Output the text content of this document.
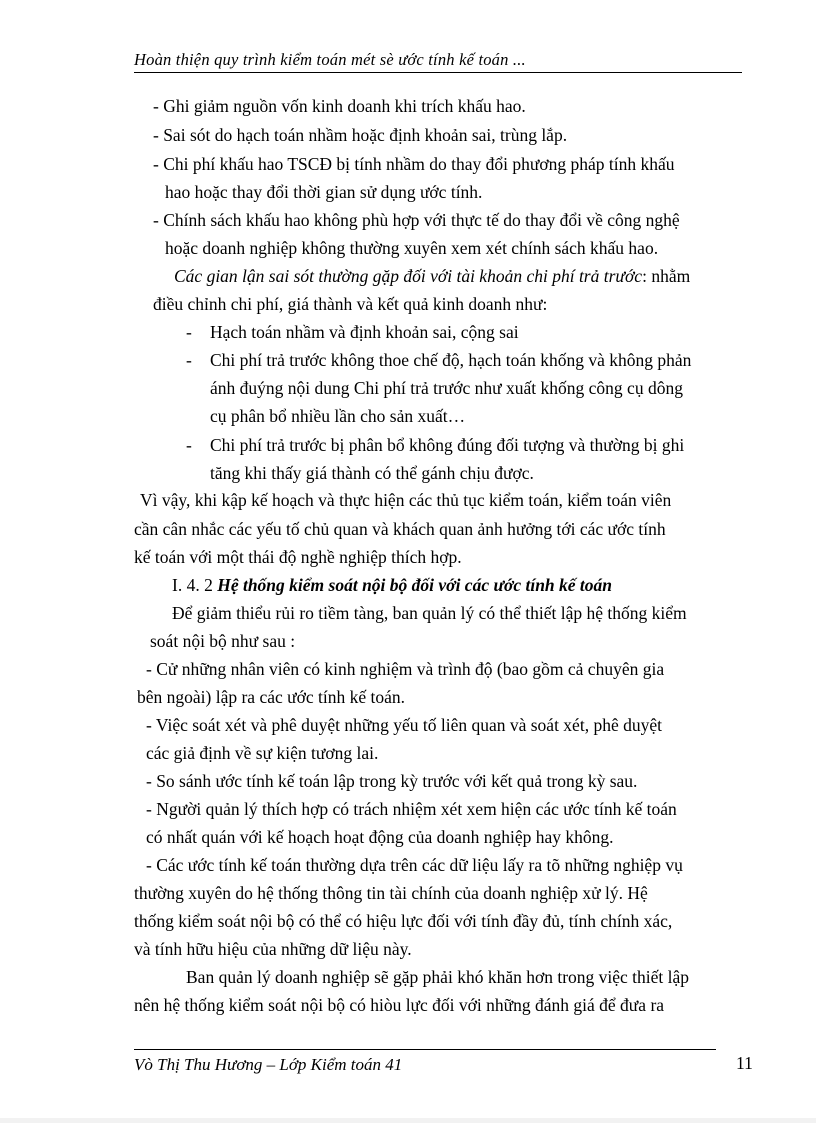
Hoàn thiện quy trình kiểm toán mét sè ước tính kế toán ...
- Ghi giảm nguồn vốn kinh doanh khi trích khấu hao.
- Sai sót do hạch toán nhầm hoặc định khoản sai, trùng lắp.
- Chi phí khấu hao TSCĐ bị tính nhầm do thay đổi phương pháp tính khấu
hao hoặc thay đổi thời gian sử dụng ước tính.
- Chính sách khấu hao không phù hợp với thực tế do thay đổi về công nghệ
hoặc doanh nghiệp không thường xuyên xem xét chính sách khấu hao.
Các gian lận sai sót thường gặp đối với tài khoản chi phí trả trước: nhằm
điều chỉnh chi phí, giá thành và kết quả kinh doanh như:
- Hạch toán nhầm và định khoản sai, cộng sai
- Chi phí trả trước không thoe chế độ, hạch toán khống và không phản
ánh đuýng nội dung Chi phí trả trước như xuất khống công cụ dông
cụ phân bổ nhiều lần cho sản xuất…
- Chi phí trả trước bị phân bổ không đúng đối tượng và thường bị ghi
tăng khi thấy giá thành có thể gánh chịu được.
Vì vậy, khi kập kế hoạch và thực hiện các thủ tục kiểm toán, kiểm toán viên
cần cân nhắc các yếu tố chủ quan và khách quan ảnh hưởng tới các ước tính
kế toán với một thái độ nghề nghiệp thích hợp.
I. 4. 2 Hệ thống kiểm soát nội bộ đối với các ước tính kế toán
Để giảm thiểu rủi ro tiềm tàng, ban quản lý có thể thiết lập hệ thống kiểm
soát nội bộ như sau :
- Cử những nhân viên có kinh nghiệm và trình độ (bao gồm cả chuyên gia
bên ngoài) lập ra các ước tính kế toán.
- Việc soát xét và phê duyệt những yếu tố liên quan và soát xét, phê duyệt
các giả định về sự kiện tương lai.
- So sánh ước tính kế toán lập trong kỳ trước với kết quả trong kỳ sau.
- Người quản lý thích hợp có trách nhiệm xét xem hiện các ước tính kế toán
có nhất quán với kế hoạch hoạt động của doanh nghiệp hay không.
- Các ước tính kế toán thường dựa trên các dữ liệu lấy ra tõ những nghiệp vụ
thường xuyên do hệ thống thông tin tài chính của doanh nghiệp xử lý. Hệ
thống kiểm soát nội bộ có thể có hiệu lực đối với tính đầy đủ, tính chính xác,
và tính hữu hiệu của những dữ liệu này.
Ban quản lý doanh nghiệp sẽ gặp phải khó khăn hơn trong việc thiết lập
nên hệ thống kiểm soát nội bộ có hiòu lực đối với những đánh giá để đưa ra
Vò Thị Thu Hương – Lớp Kiểm toán 41	11
